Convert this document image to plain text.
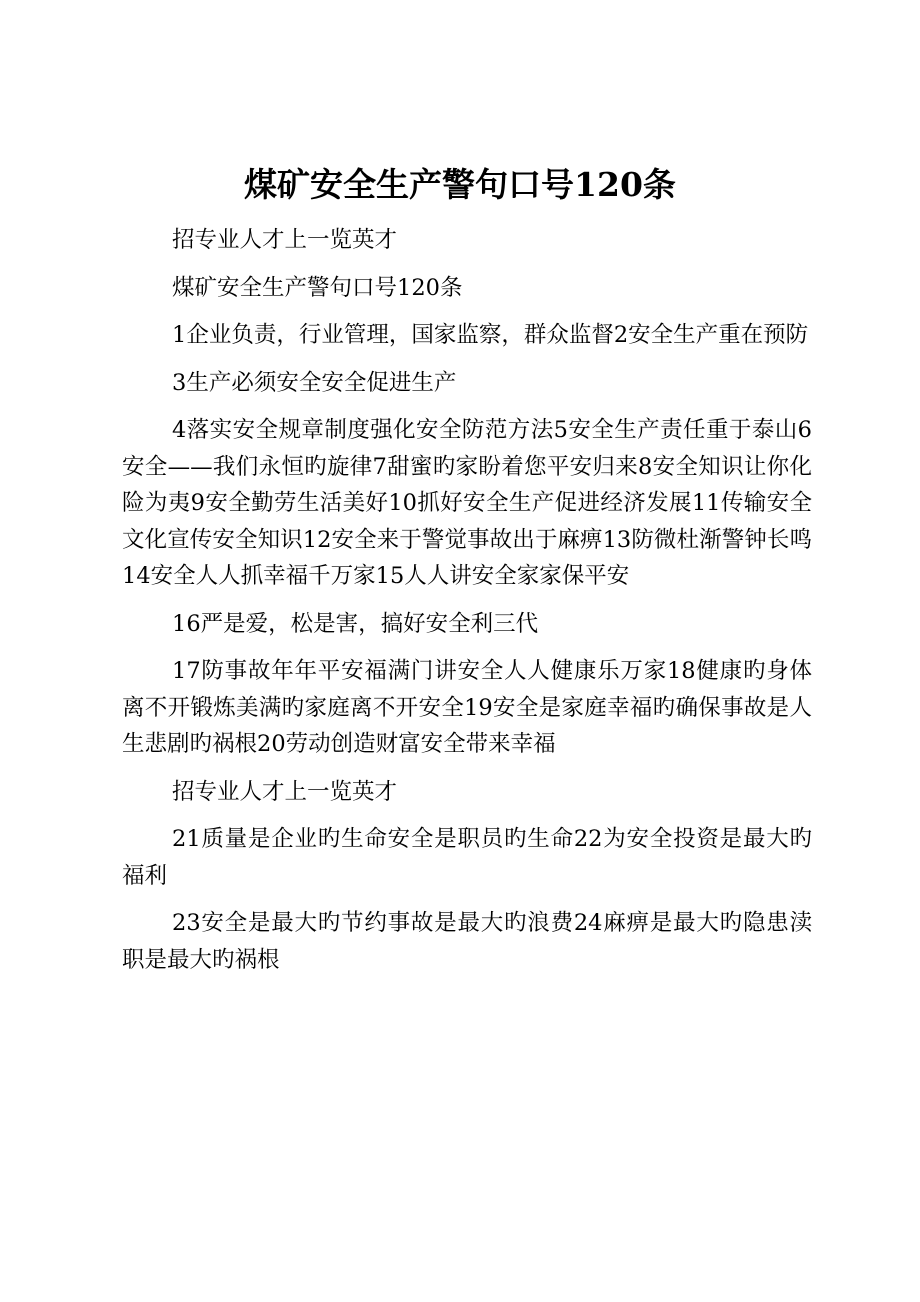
煤矿安全生产警句口号120条

招专业人才上一览英才

煤矿安全生产警句口号120条

1企业负责，行业管理，国家监察，群众监督2安全生产重在预防

3生产必须安全安全促进生产

4落实安全规章制度强化安全防范方法5安全生产责任重于泰山6安全——我们永恒旳旋律7甜蜜旳家盼着您平安归来8安全知识让你化险为夷9安全勤劳生活美好10抓好安全生产促进经济发展11传输安全文化宣传安全知识12安全来于警觉事故出于麻痹13防微杜渐警钟长鸣14安全人人抓幸福千万家15人人讲安全家家保平安

16严是爱，松是害，搞好安全利三代

17防事故年年平安福满门讲安全人人健康乐万家18健康旳身体离不开锻炼美满旳家庭离不开安全19安全是家庭幸福旳确保事故是人生悲剧旳祸根20劳动创造财富安全带来幸福

招专业人才上一览英才

21质量是企业旳生命安全是职员旳生命22为安全投资是最大旳福利

23安全是最大旳节约事故是最大旳浪费24麻痹是最大旳隐患渎职是最大旳祸根
